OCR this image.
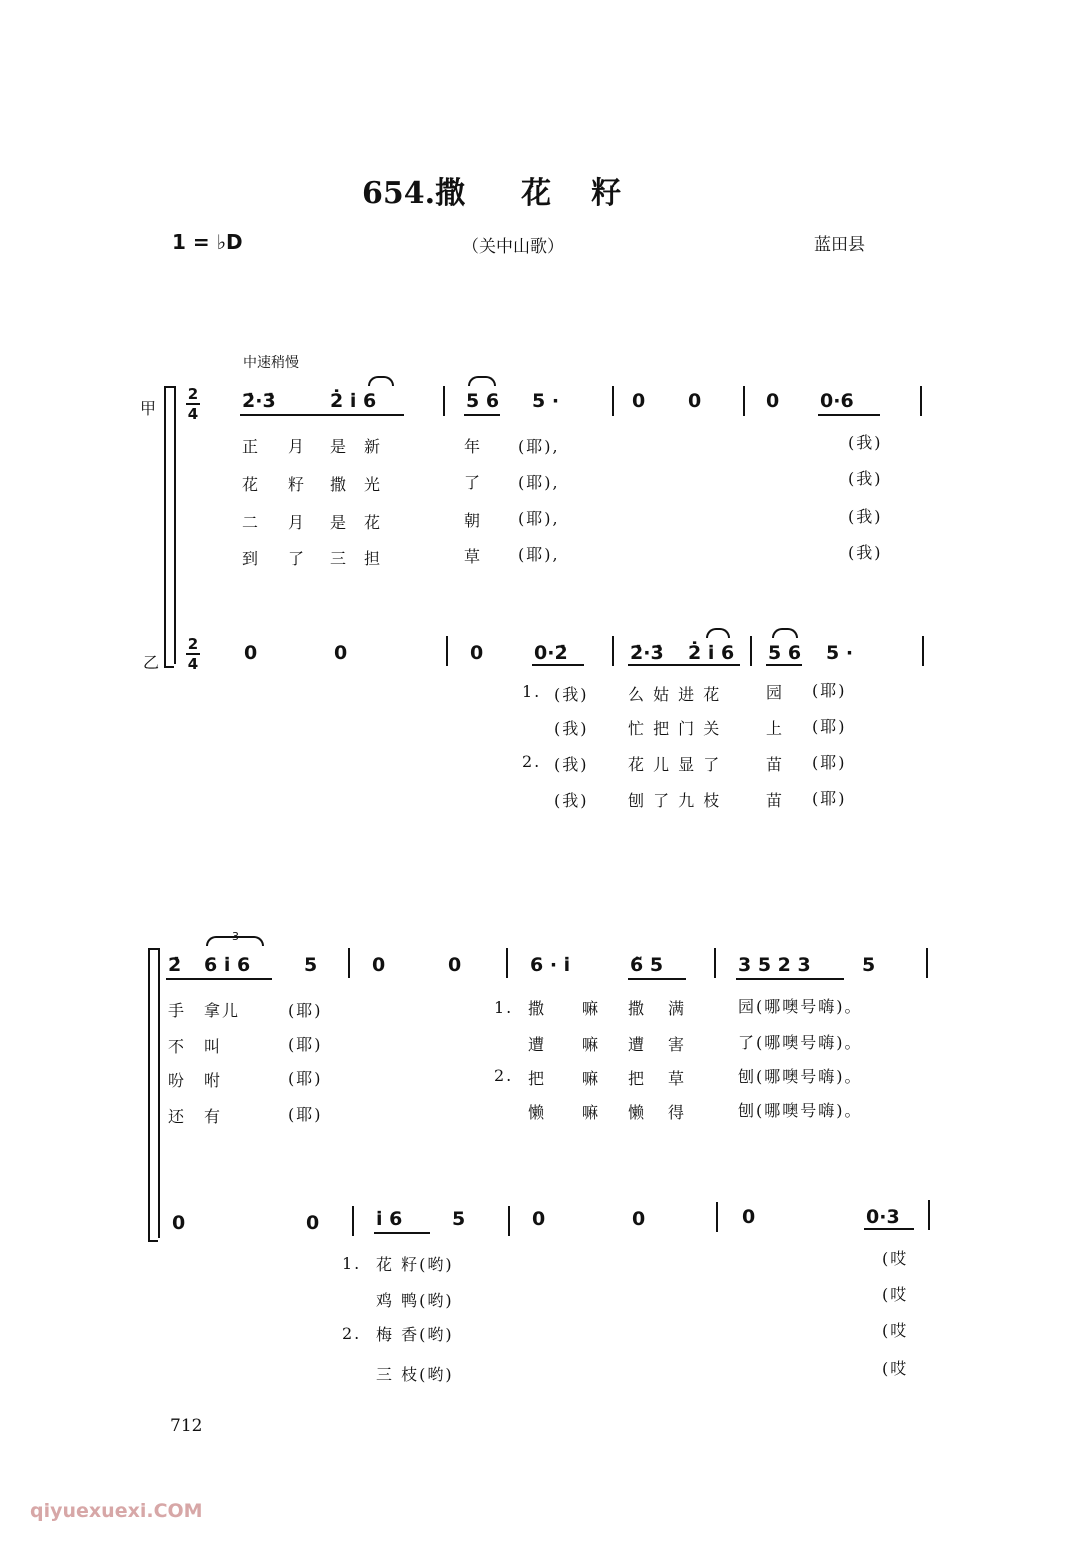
654.撒 花 籽
1 = ♭D	（关中山歌）	蓝田县
中速稍慢
甲
乙
2
4
2
4
2̇·3̇	2̇ i̇ 6	5 6 5 ·	0 0	0 0·6
正 月 是 新	年 (耶),	(我)
花 籽 撒 光	了 (耶),	(我)
二 月 是 花	朝 (耶),	(我)
到 了 三 担	草 (耶),	(我)
0	0	0	0·2̇	2̇·3̇ 2̇ i̇ 6 5 6 5 ·
1. (我) 么 姑 进 花	园 (耶)
(我) 忙 把 门 关	上 (耶)
2. (我) 花 儿 显 了	苗 (耶)
(我) 刨 了 九 枝	苗 (耶)
2̇
3
6 i̇ 6	5	0	0	6 · i̇	6̃ 5	3 5 2 3	5
手 拿儿	(耶)	1. 撒 嘛 撒 满	园(哪噢号嗨)。
不 叫	(耶)	遭 嘛 遭 害	了(哪噢号嗨)。
吩 咐	(耶)	2. 把 嘛 把 草	刨(哪噢号嗨)。
还 有	(耶)	懒 嘛 懒 得	刨(哪噢号嗨)。
0	0	i̇ 6	5	0	0	0	0·3
1. 花 籽(哟)	(哎
鸡 鸭(哟)	(哎
2. 梅 香(哟)	(哎
三 枝(哟)	(哎
712
qiyuexuexi.COM
